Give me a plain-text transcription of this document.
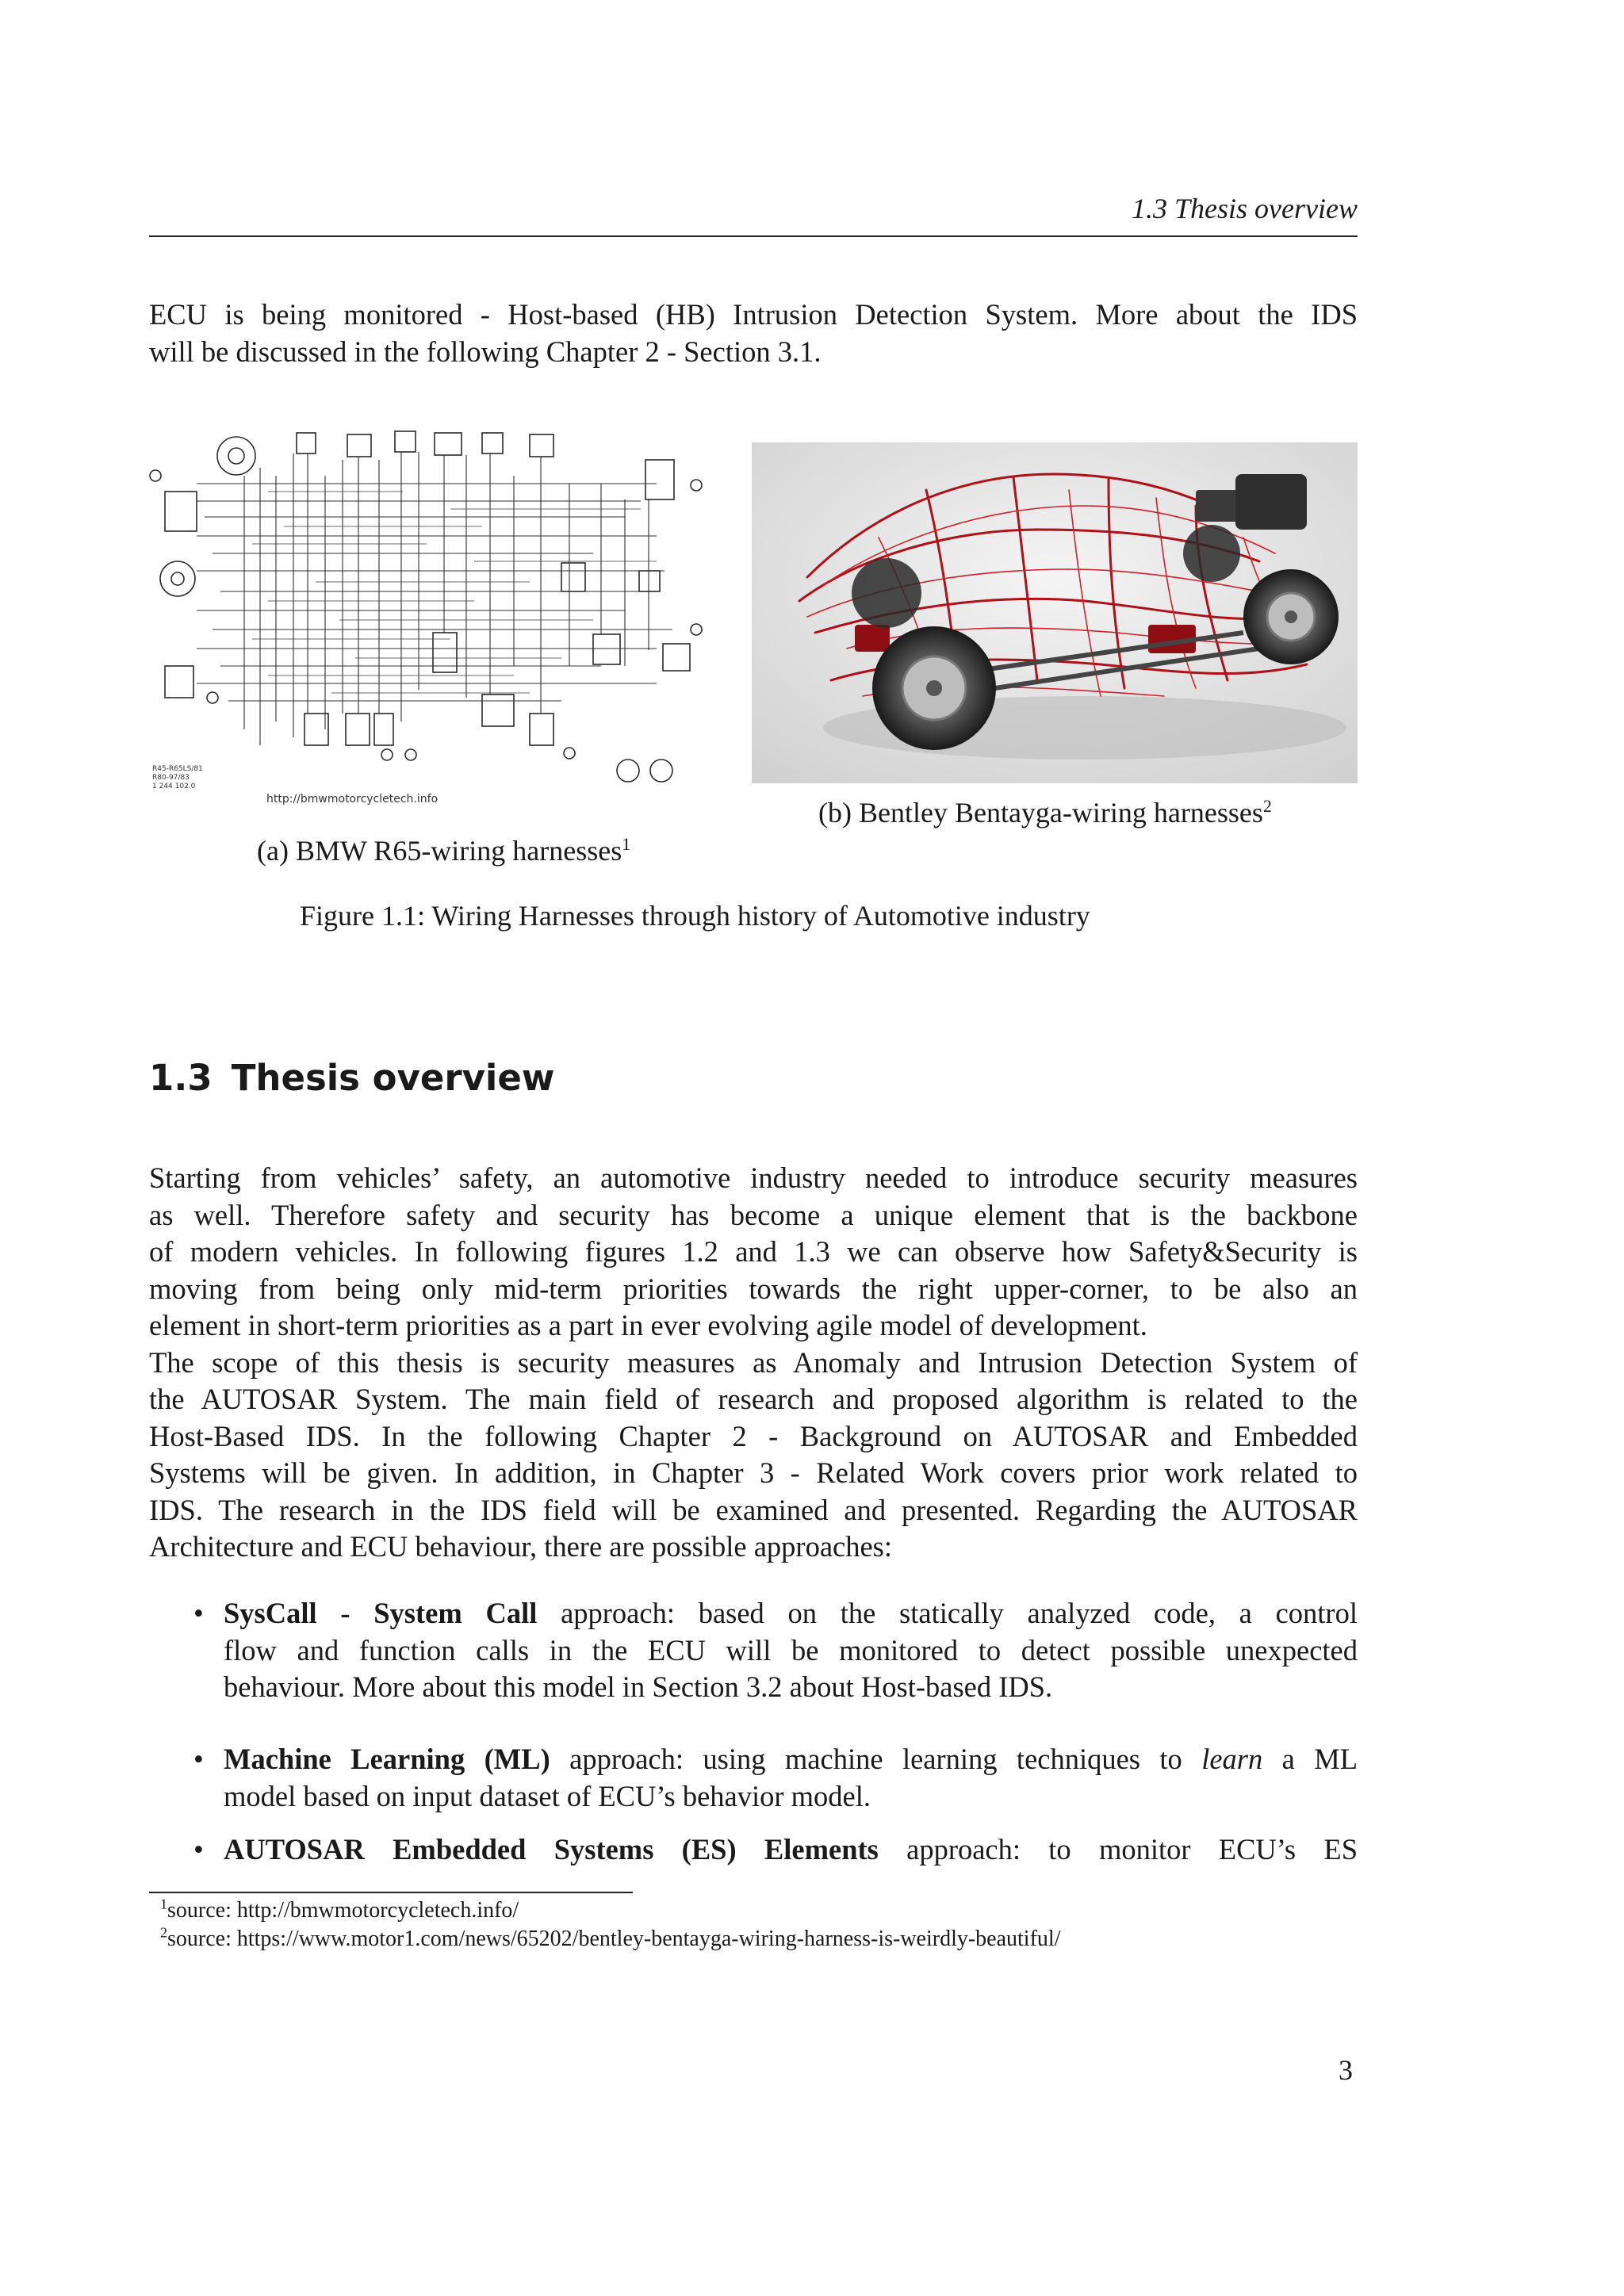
1.3 Thesis overview
ECU is being monitored - Host-based (HB) Intrusion Detection System. More about the IDS
will be discussed in the following Chapter 2 - Section 3.1.
http://bmwmotorcycletech.info
R45-R65LS/81
R80-97/83
1 244 102.0
(a) BMW R65-wiring harnesses$^1$
(b) Bentley Bentayga-wiring harnesses$^2$
Figure 1.1: Wiring Harnesses through history of Automotive industry
1.3 Thesis overview
Starting from vehicles’ safety, an automotive industry needed to introduce security measures
as well. Therefore safety and security has become a unique element that is the backbone
of modern vehicles. In following figures 1.2 and 1.3 we can observe how Safety&Security is
moving from being only mid-term priorities towards the right upper-corner, to be also an
element in short-term priorities as a part in ever evolving agile model of development.
The scope of this thesis is security measures as Anomaly and Intrusion Detection System of
the AUTOSAR System. The main field of research and proposed algorithm is related to the
Host-Based IDS. In the following Chapter 2 - Background on AUTOSAR and Embedded
Systems will be given. In addition, in Chapter 3 - Related Work covers prior work related to
IDS. The research in the IDS field will be examined and presented. Regarding the AUTOSAR
Architecture and ECU behaviour, there are possible approaches:
• SysCall - System Call approach: based on the statically analyzed code, a control
flow and function calls in the ECU will be monitored to detect possible unexpected
behaviour. More about this model in Section 3.2 about Host-based IDS.
• Machine Learning (ML) approach: using machine learning techniques to learn a ML
model based on input dataset of ECU’s behavior model.
• AUTOSAR Embedded Systems (ES) Elements approach: to monitor ECU’s ES
$^1$source: http://bmwmotorcycletech.info/
$^2$source: https://www.motor1.com/news/65202/bentley-bentayga-wiring-harness-is-weirdly-beautiful/
3
